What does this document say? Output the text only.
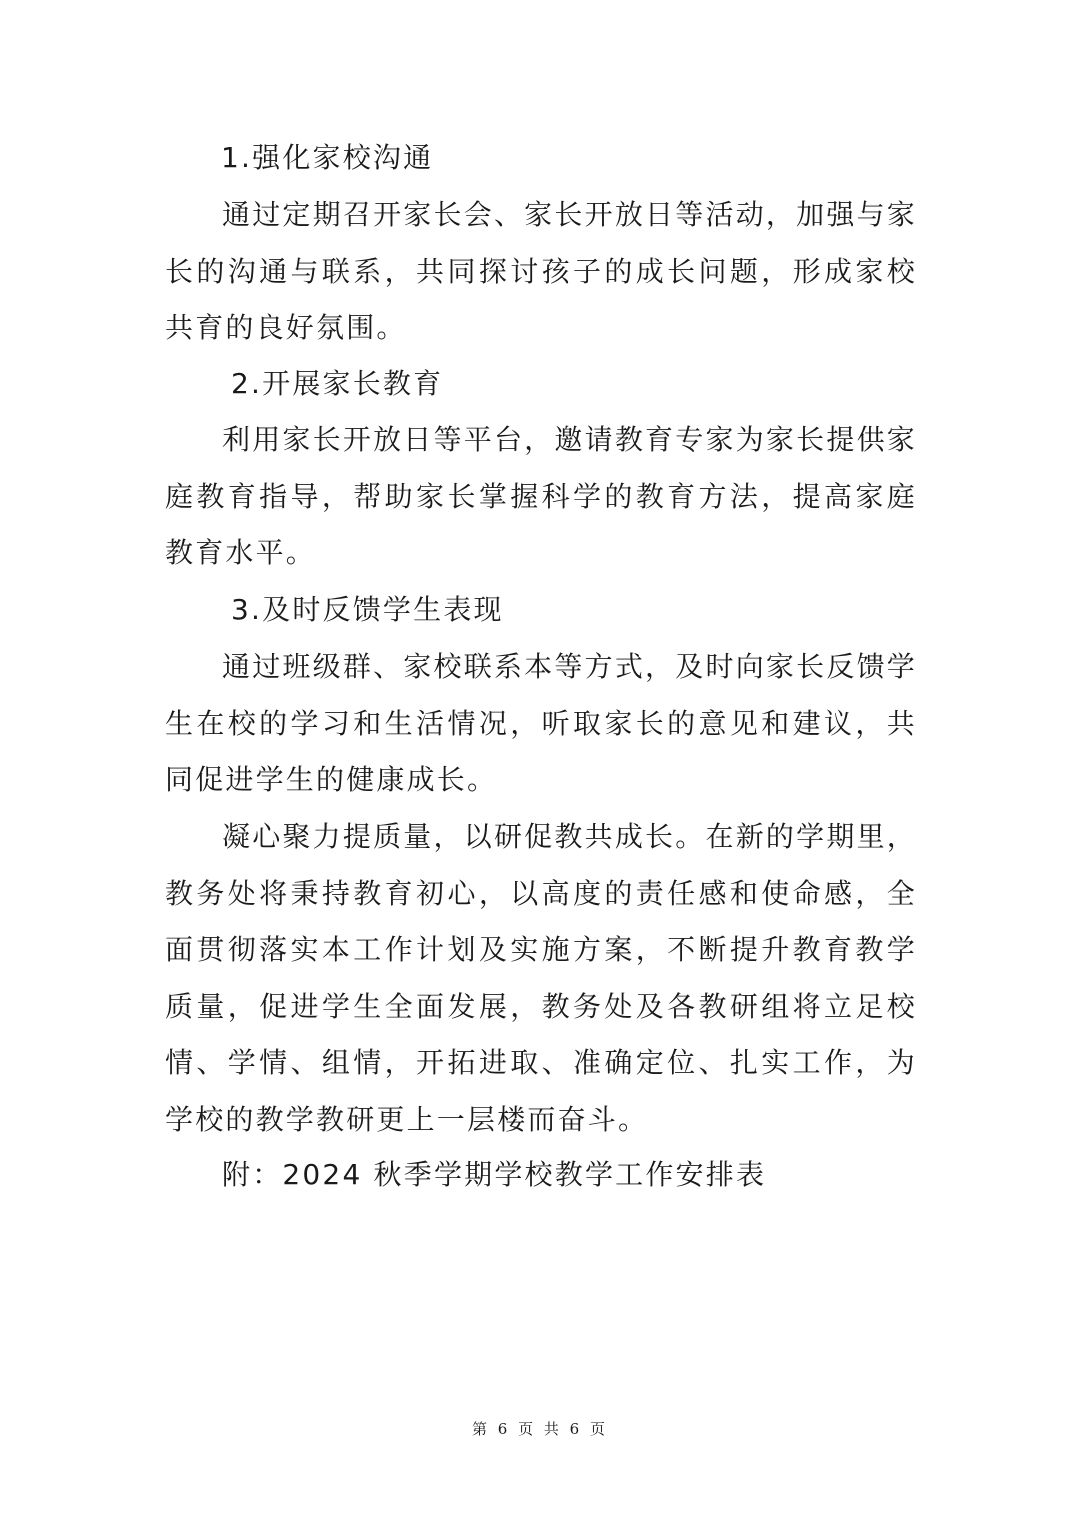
1.强化家校沟通
通过定期召开家长会、家长开放日等活动，加强与家长的沟通与联系，共同探讨孩子的成长问题，形成家校共育的良好氛围。
2.开展家长教育
利用家长开放日等平台，邀请教育专家为家长提供家庭教育指导，帮助家长掌握科学的教育方法，提高家庭教育水平。
3.及时反馈学生表现
通过班级群、家校联系本等方式，及时向家长反馈学生在校的学习和生活情况，听取家长的意见和建议，共同促进学生的健康成长。
凝心聚力提质量，以研促教共成长。在新的学期里，教务处将秉持教育初心，以高度的责任感和使命感，全面贯彻落实本工作计划及实施方案，不断提升教育教学质量，促进学生全面发展，教务处及各教研组将立足校情、学情、组情，开拓进取、准确定位、扎实工作，为学校的教学教研更上一层楼而奋斗。
附：2024 秋季学期学校教学工作安排表
第 6 页 共 6 页
